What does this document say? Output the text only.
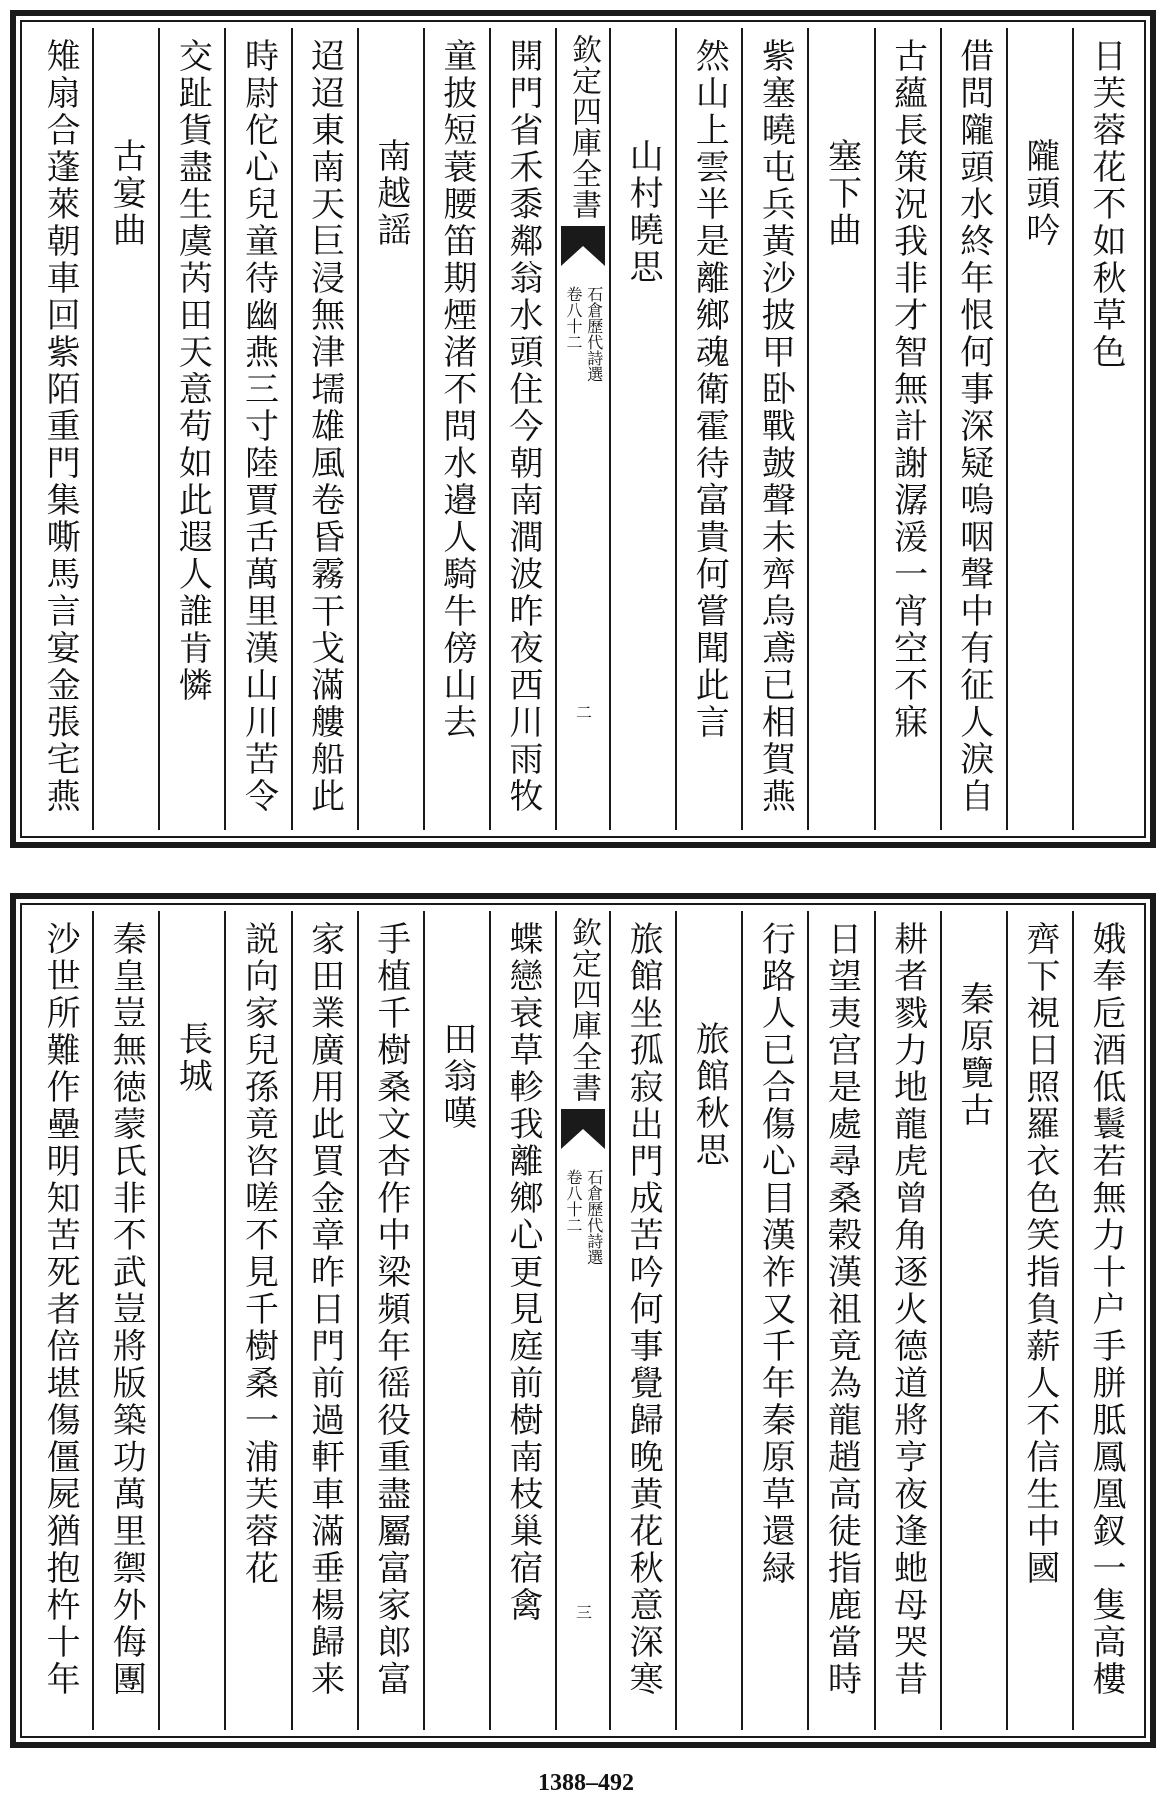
日芙蓉花不如秋草色
隴頭吟
借問隴頭水終年恨何事深疑嗚咽聲中有征人淚自
古蘊長策況我非才智無計謝潺湲一宵空不寐
塞下曲
紫塞曉屯兵黃沙披甲卧戰皷聲未齊烏鳶已相賀燕
然山上雲半是離鄉魂衛霍待富貴何嘗聞此言
山村曉思
欽定四庫全書
石倉歷代詩選
卷八十二
二
開門省禾黍鄰翁水頭住今朝南澗波昨夜西川雨牧
童披短蓑腰笛期煙渚不問水邉人騎牛傍山去
南越謡
迢迢東南天巨浸無津壖雄風卷昏霧干戈滿艛船此
時尉佗心兒童待幽燕三寸陸賈舌萬里漢山川苦令
交趾貨盡生虞芮田天意苟如此遐人誰肯憐
古宴曲
雉扇合蓬萊朝車回紫陌重門集嘶馬言宴金張宅燕
娥奉卮酒低鬟若無力十户手胼胝鳳凰釵一隻高樓
齊下視日照羅衣色笑指負薪人不信生中國
秦原覽古
耕者戮力地龍虎曾角逐火德道將亨夜逢虵母哭昔
日望夷宫是處尋桑榖漢祖竟為龍趙高徒指鹿當時
行路人已合傷心目漢祚又千年秦原草還緑
旅館秋思
旅館坐孤寂出門成苦吟何事覺歸晚黄花秋意深寒
欽定四庫全書
石倉歷代詩選
卷八十二
三
蝶戀衰草軫我離鄉心更見庭前樹南枝巢宿禽
田翁嘆
手植千樹桑文杏作中梁頻年徭役重盡屬富家郎富
家田業廣用此買金章昨日門前過軒車滿垂楊歸来
説向家兒孫竟咨嗟不見千樹桑一浦芙蓉花
長城
秦皇豈無徳蒙氏非不武豈將版築功萬里禦外侮團
沙世所難作壘明知苦死者倍堪傷僵屍猶抱杵十年
1388–492
